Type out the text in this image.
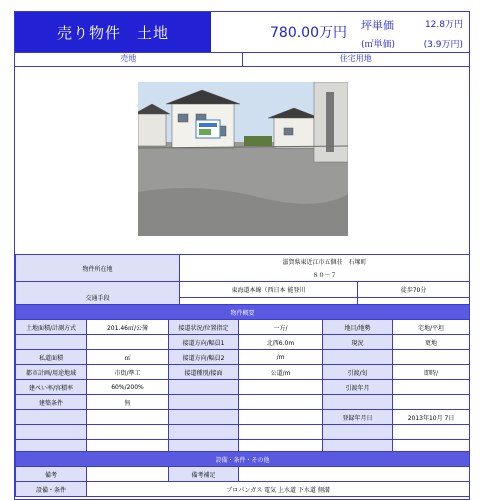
売り物件　土地	780.00万円	坪単価	12.8万円
(㎡単価)	(3.9万円)
売地	住宅用地
物件所在地	滋賀県東近江市五個荘　石塚町	
	８０－７	
交通手段	東海道本線（西日本 能登川	徒歩70分

物件概要					
土地面積/計測方式	201.46㎡/公簿	接道状況/位置指定	一方/	地目/地勢	宅地/平坦
		接道方向/幅員1	北西6.0m	現況	更地
私道面積	㎡	接道方向/幅員2	/m		
都市計画/用途地域	市街/準工	接道種別/接面	公道/m	引渡/旬	即時/
建ぺい率/容積率	60%/200%			引渡年月	
建築条件	無				
				登録年月日	2013年10月 7日

設備・条件・その他			
備考		備考補足	
設備・条件	プロパンガス 電気 上水道 下水道 側溝		
